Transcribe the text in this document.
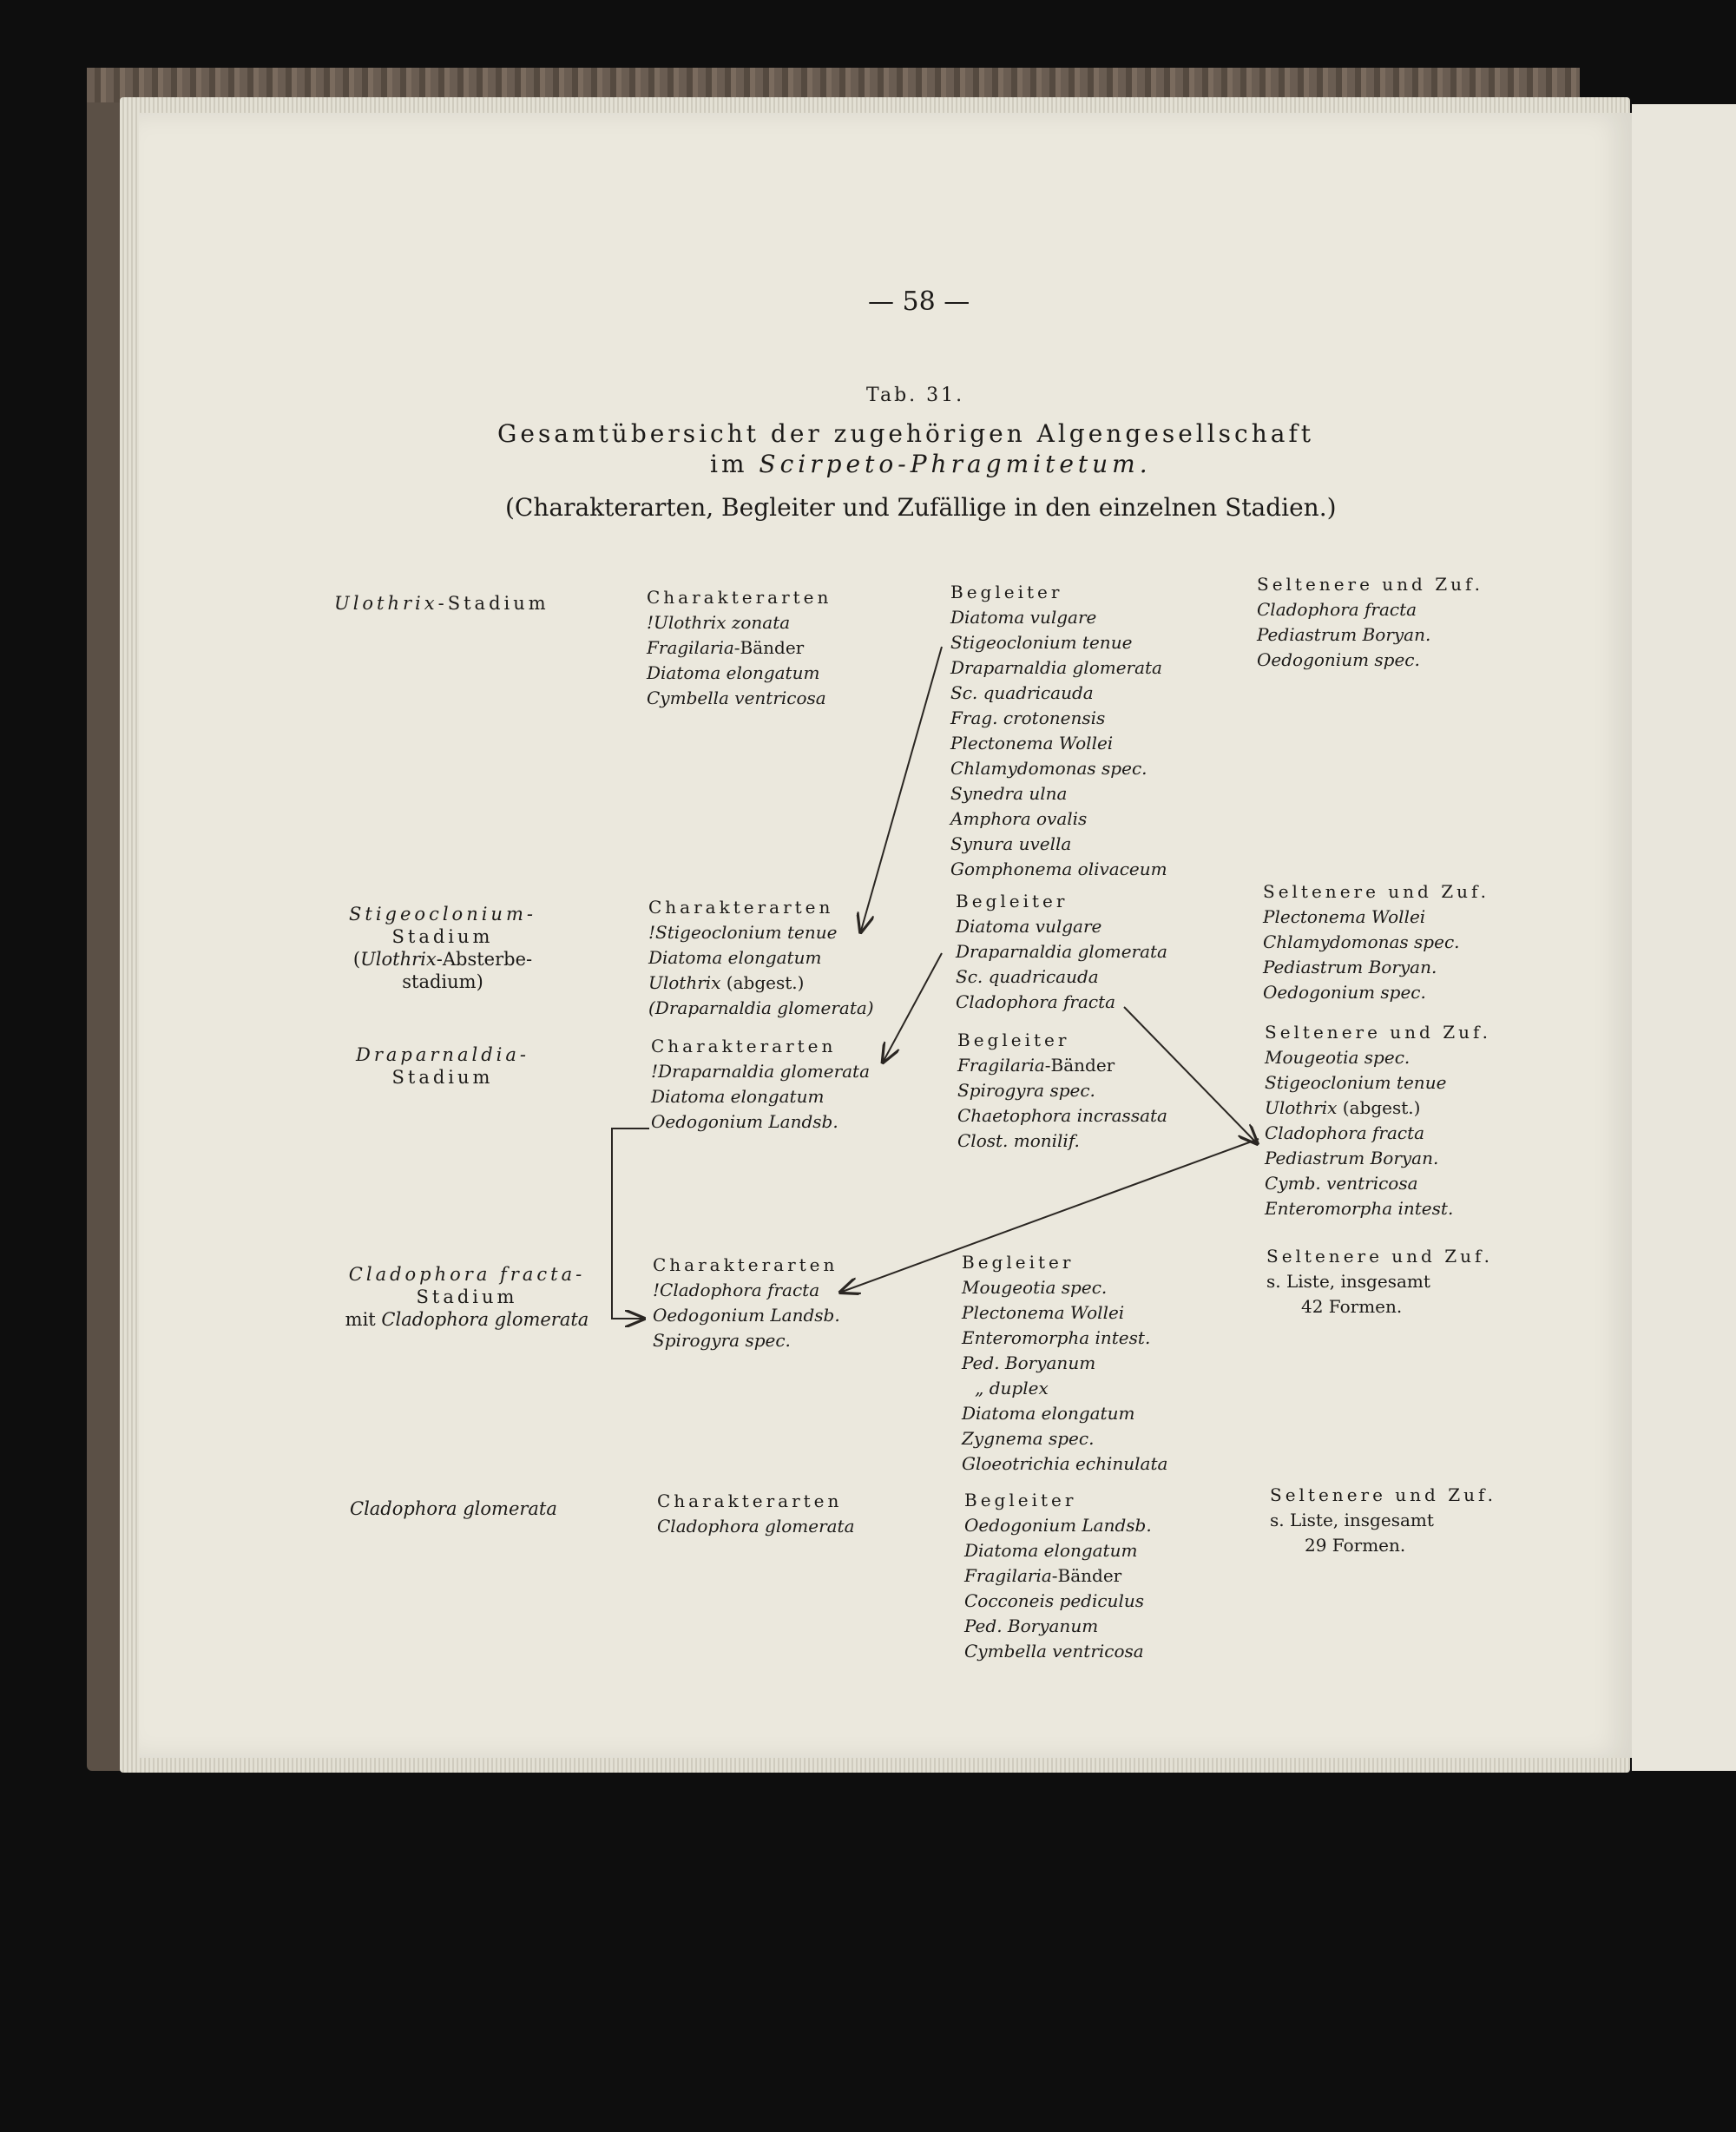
— 58 —
Tab. 31.
Gesamtübersicht der zugehörigen Algengesellschaft
im Scirpeto-Phragmitetum.
(Charakterarten, Begleiter und Zufällige in den einzelnen Stadien.)
Ulothrix-Stadium
Stigeoclonium-
Stadium
(Ulothrix-Absterbe-
stadium)
Draparnaldia-
Stadium
Cladophora fracta-
Stadium
mit Cladophora glomerata
Cladophora glomerata
Charakterarten
!Ulothrix zonata
Fragilaria-Bänder
Diatoma elongatum
Cymbella ventricosa
Charakterarten
!Stigeoclonium tenue
Diatoma elongatum
Ulothrix (abgest.)
(Draparnaldia glomerata)
Charakterarten
!Draparnaldia glomerata
Diatoma elongatum
Oedogonium Landsb.
Charakterarten
!Cladophora fracta
Oedogonium Landsb.
Spirogyra spec.
Charakterarten
Cladophora glomerata
Begleiter
Diatoma vulgare
Stigeoclonium tenue
Draparnaldia glomerata
Sc. quadricauda
Frag. crotonensis
Plectonema Wollei
Chlamydomonas spec.
Synedra ulna
Amphora ovalis
Synura uvella
Gomphonema olivaceum
Begleiter
Diatoma vulgare
Draparnaldia glomerata
Sc. quadricauda
Cladophora fracta
Begleiter
Fragilaria-Bänder
Spirogyra spec.
Chaetophora incrassata
Clost. monilif.
Begleiter
Mougeotia spec.
Plectonema Wollei
Enteromorpha intest.
Ped. Boryanum
„ duplex
Diatoma elongatum
Zygnema spec.
Gloeotrichia echinulata
Begleiter
Oedogonium Landsb.
Diatoma elongatum
Fragilaria-Bänder
Cocconeis pediculus
Ped. Boryanum
Cymbella ventricosa
Seltenere und Zuf.
Cladophora fracta
Pediastrum Boryan.
Oedogonium spec.
Seltenere und Zuf.
Plectonema Wollei
Chlamydomonas spec.
Pediastrum Boryan.
Oedogonium spec.
Seltenere und Zuf.
Mougeotia spec.
Stigeoclonium tenue
Ulothrix (abgest.)
Cladophora fracta
Pediastrum Boryan.
Cymb. ventricosa
Enteromorpha intest.
Seltenere und Zuf.
s. Liste, insgesamt
42 Formen.
Seltenere und Zuf.
s. Liste, insgesamt
29 Formen.
